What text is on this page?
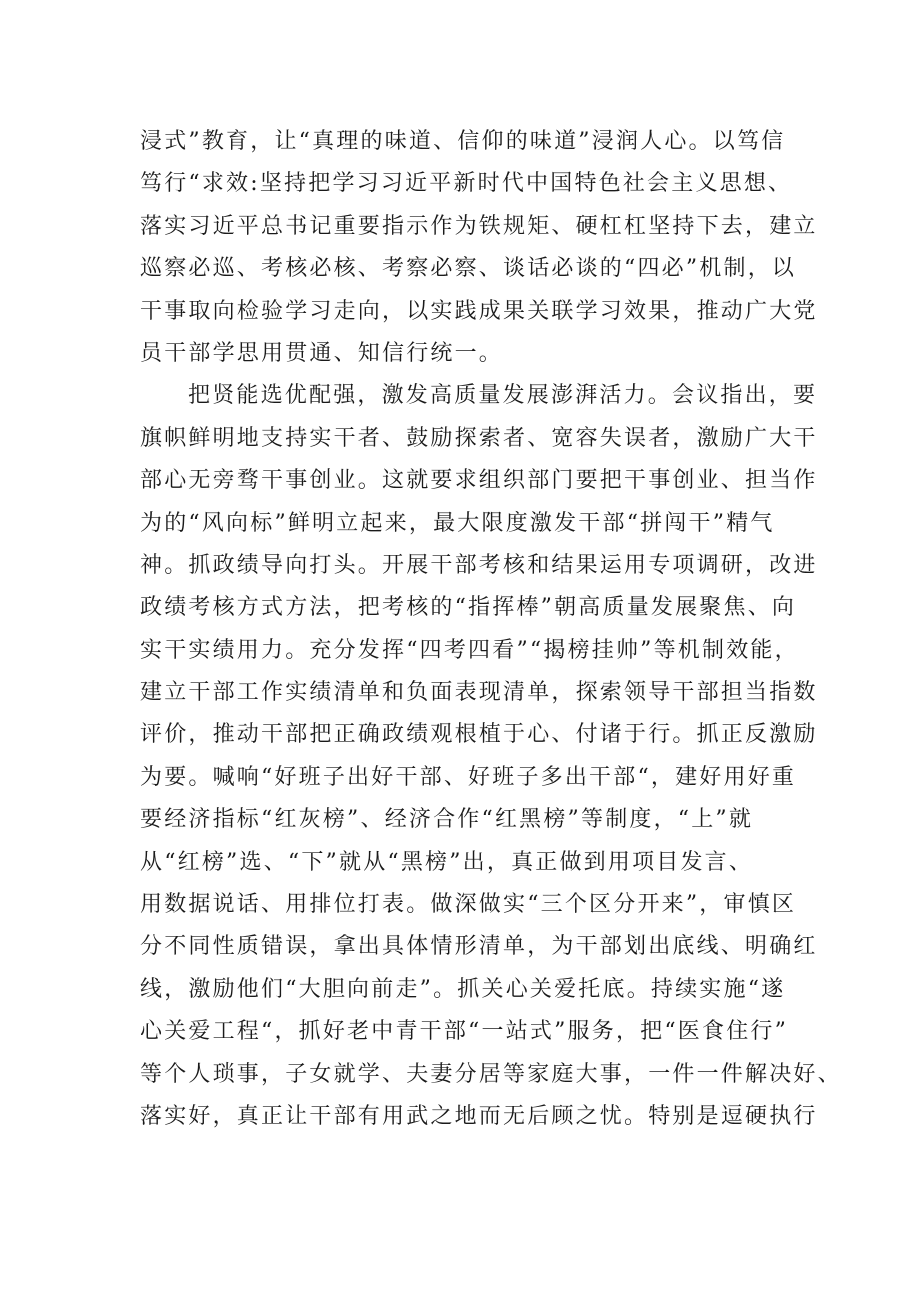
浸式”教育，让“真理的味道、信仰的味道”浸润人心。以笃信
笃行“求效:坚持把学习习近平新时代中国特色社会主义思想、
落实习近平总书记重要指示作为铁规矩、硬杠杠坚持下去，建立
巡察必巡、考核必核、考察必察、谈话必谈的“四必”机制，以
干事取向检验学习走向，以实践成果关联学习效果，推动广大党
员干部学思用贯通、知信行统一。
把贤能选优配强，激发高质量发展澎湃活力。会议指出，要
旗帜鲜明地支持实干者、鼓励探索者、宽容失误者，激励广大干
部心无旁骛干事创业。这就要求组织部门要把干事创业、担当作
为的“风向标”鲜明立起来，最大限度激发干部“拼闯干”精气
神。抓政绩导向打头。开展干部考核和结果运用专项调研，改进
政绩考核方式方法，把考核的“指挥棒”朝高质量发展聚焦、向
实干实绩用力。充分发挥“四考四看”“揭榜挂帅”等机制效能，
建立干部工作实绩清单和负面表现清单，探索领导干部担当指数
评价，推动干部把正确政绩观根植于心、付诸于行。抓正反激励
为要。喊响“好班子出好干部、好班子多出干部“，建好用好重
要经济指标“红灰榜”、经济合作“红黑榜”等制度，“上”就
从“红榜”选、“下”就从“黑榜”出，真正做到用项目发言、
用数据说话、用排位打表。做深做实“三个区分开来”，审慎区
分不同性质错误，拿出具体情形清单，为干部划出底线、明确红
线，激励他们“大胆向前走”。抓关心关爱托底。持续实施“遂
心关爱工程“，抓好老中青干部“一站式”服务，把“医食住行”
等个人琐事，子女就学、夫妻分居等家庭大事，一件一件解决好、
落实好，真正让干部有用武之地而无后顾之忧。特别是逗硬执行
